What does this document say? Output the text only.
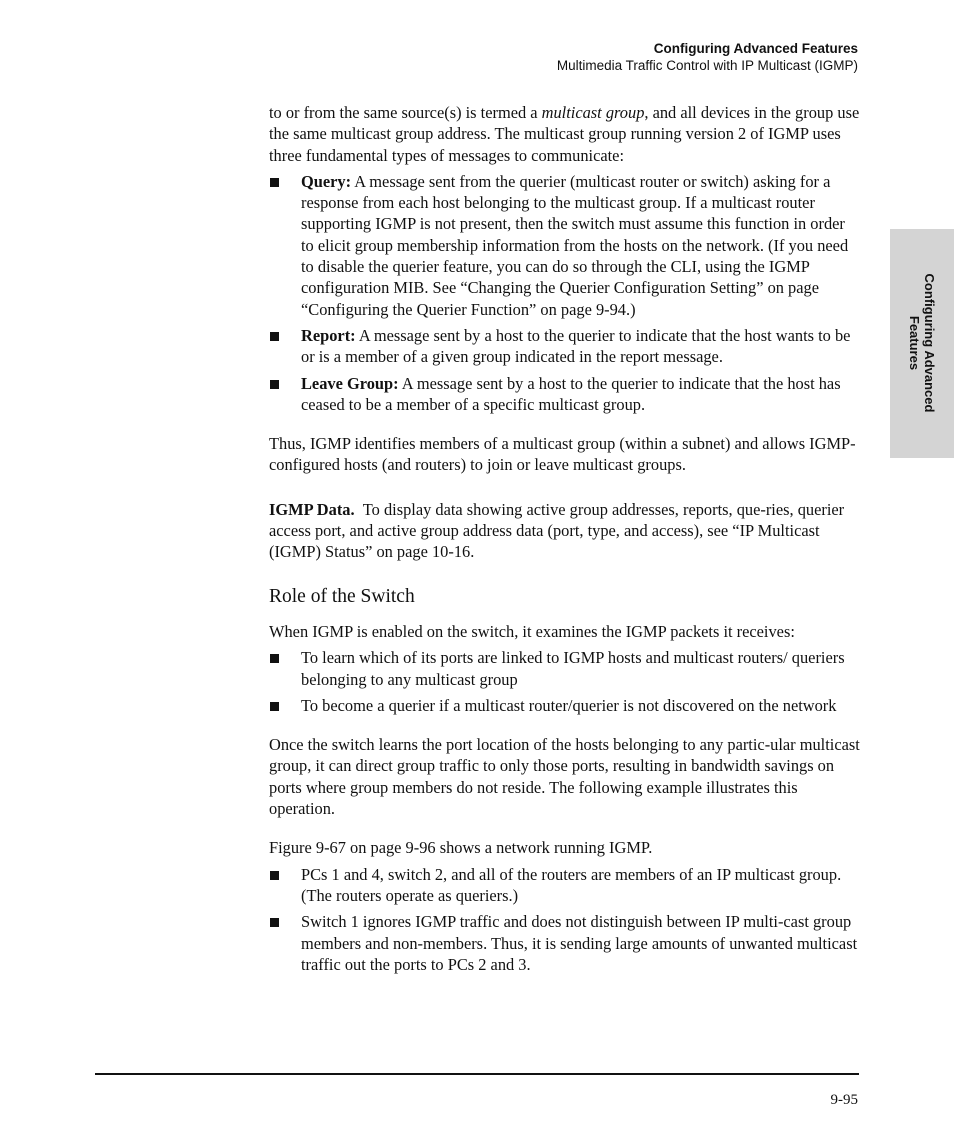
Configuring Advanced Features
Multimedia Traffic Control with IP Multicast (IGMP)
Configuring Advanced
Features

to or from the same source(s) is termed a multicast group, and all devices in the group use the same multicast group address. The multicast group running version 2 of IGMP uses three fundamental types of messages to communicate:

Query: A message sent from the querier (multicast router or switch) asking for a response from each host belonging to the multicast group. If a multicast router supporting IGMP is not present, then the switch must assume this function in order to elicit group membership information from the hosts on the network. (If you need to disable the querier feature, you can do so through the CLI, using the IGMP configuration MIB. See “Changing the Querier Configuration Setting” on page “Configuring the Querier Function” on page 9-94.)
Report: A message sent by a host to the querier to indicate that the host wants to be or is a member of a given group indicated in the report message.
Leave Group: A message sent by a host to the querier to indicate that the host has ceased to be a member of a specific multicast group.

Thus, IGMP identifies members of a multicast group (within a subnet) and allows IGMP-configured hosts (and routers) to join or leave multicast groups.

IGMP Data.  To display data showing active group addresses, reports, que-ries, querier access port, and active group address data (port, type, and access), see “IP Multicast (IGMP) Status” on page 10-16.

Role of the Switch

When IGMP is enabled on the switch, it examines the IGMP packets it receives:

To learn which of its ports are linked to IGMP hosts and multicast routers/ queriers belonging to any multicast group
To become a querier if a multicast router/querier is not discovered on the network

Once the switch learns the port location of the hosts belonging to any partic-ular multicast group, it can direct group traffic to only those ports, resulting in bandwidth savings on ports where group members do not reside. The following example illustrates this operation.

Figure 9-67 on page 9-96 shows a network running IGMP.

PCs 1 and 4, switch 2, and all of the routers are members of an IP multicast group. (The routers operate as queriers.)
Switch 1 ignores IGMP traffic and does not distinguish between IP multi-cast group members and non-members. Thus, it is sending large amounts of unwanted multicast traffic out the ports to PCs 2 and 3.
9-95
